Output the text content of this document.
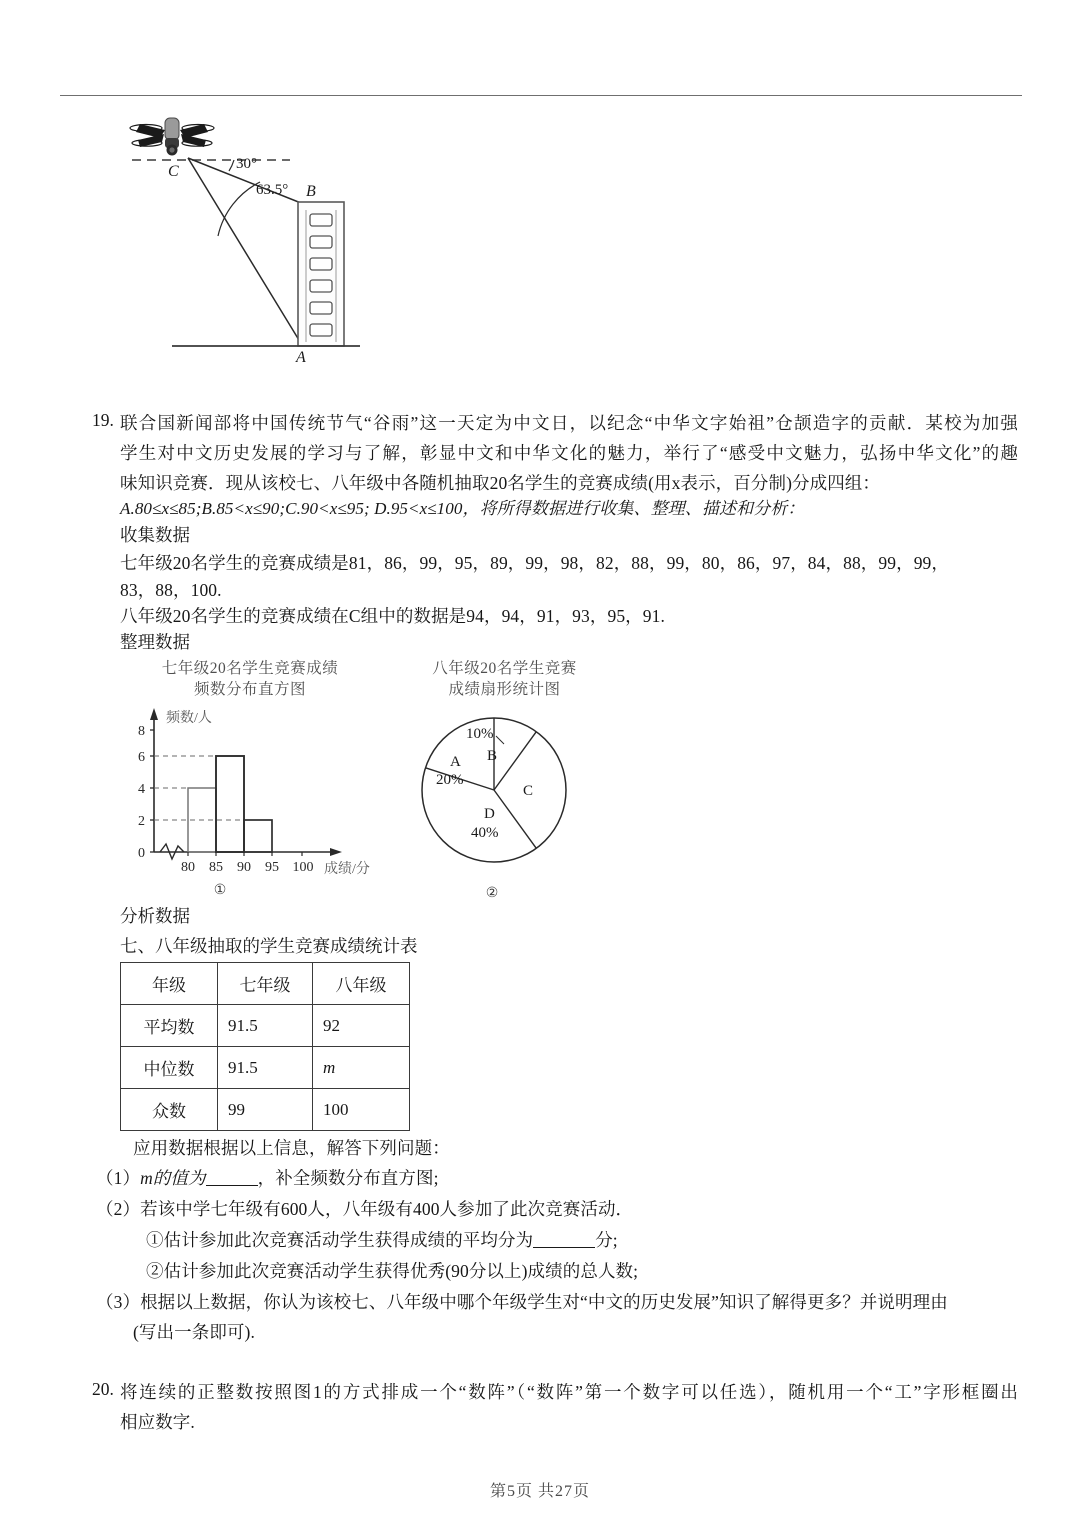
C	30°
63.5° B
A
19. 联合国新闻部将中国传统节气“谷雨”这一天定为中文日，以纪念“中华文字始祖”仓颉造字的贡献．某校为加强
学生对中文历史发展的学习与了解，彰显中文和中华文化的魅力，举行了“感受中文魅力，弘扬中华文化”的趣
味知识竞赛．现从该校七、八年级中各随机抽取20名学生的竞赛成绩(用x表示，百分制)分成四组：
A.80≤x≤85;B.85<x≤90;C.90<x≤95; D.95<x≤100，将所得数据进行收集、整理、描述和分析：
收集数据
七年级20名学生的竞赛成绩是81，86，99，95，89，99，98，82，88，99，80，86，97，84，88，99，99，
83，88，100.
八年级20名学生的竞赛成绩在C组中的数据是94，94，91，93，95，91.
整理数据
七年级20名学生竞赛成绩
频数分布直方图
0
2
4
6
8
80 85 90 95 100
频数/人
成绩/分
①
八年级20名学生竞赛
成绩扇形统计图
B
10%
C
D
40%
A
20%
②
分析数据
七、八年级抽取的学生竞赛成绩统计表
年级	七年级	八年级
平均数	91.5	92
中位数	91.5	m
众数	99	100
应用数据根据以上信息，解答下列问题：
（1）m的值为	，补全频数分布直方图;
（2）若该中学七年级有600人，八年级有400人参加了此次竞赛活动．
①估计参加此次竞赛活动学生获得成绩的平均分为	分;
②估计参加此次竞赛活动学生获得优秀(90分以上)成绩的总人数;
（3）根据以上数据，你认为该校七、八年级中哪个年级学生对“中文的历史发展”知识了解得更多？并说明理由
(写出一条即可).
20. 将连续的正整数按照图1的方式排成一个“数阵”（“数阵”第一个数字可以任选），随机用一个“工”字形框圈出
相应数字.
第5页 共27页
